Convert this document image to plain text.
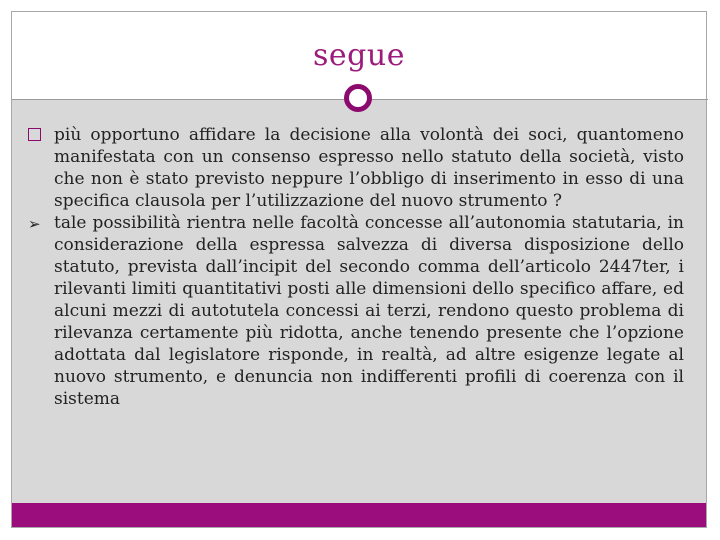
segue
più opportuno affidare la decisione alla volontà dei soci, quantomeno manifestata con un consenso espresso nello statuto della società, visto che non è stato previsto neppure l’obbligo di inserimento in esso di una specifica clausola per l’utilizzazione del nuovo strumento ?
➢ tale possibilità rientra nelle facoltà concesse all’autonomia statutaria, in considerazione della espressa salvezza di diversa disposizione dello statuto, prevista dall’incipit del secondo comma dell’articolo 2447ter, i rilevanti limiti quantitativi posti alle dimensioni dello specifico affare, ed alcuni mezzi di autotutela concessi ai terzi, rendono questo problema di rilevanza certamente più ridotta, anche tenendo presente che l’opzione adottata dal legislatore risponde, in realtà, ad altre esigenze legate al nuovo strumento, e denuncia non indifferenti profili di coerenza con il sistema
